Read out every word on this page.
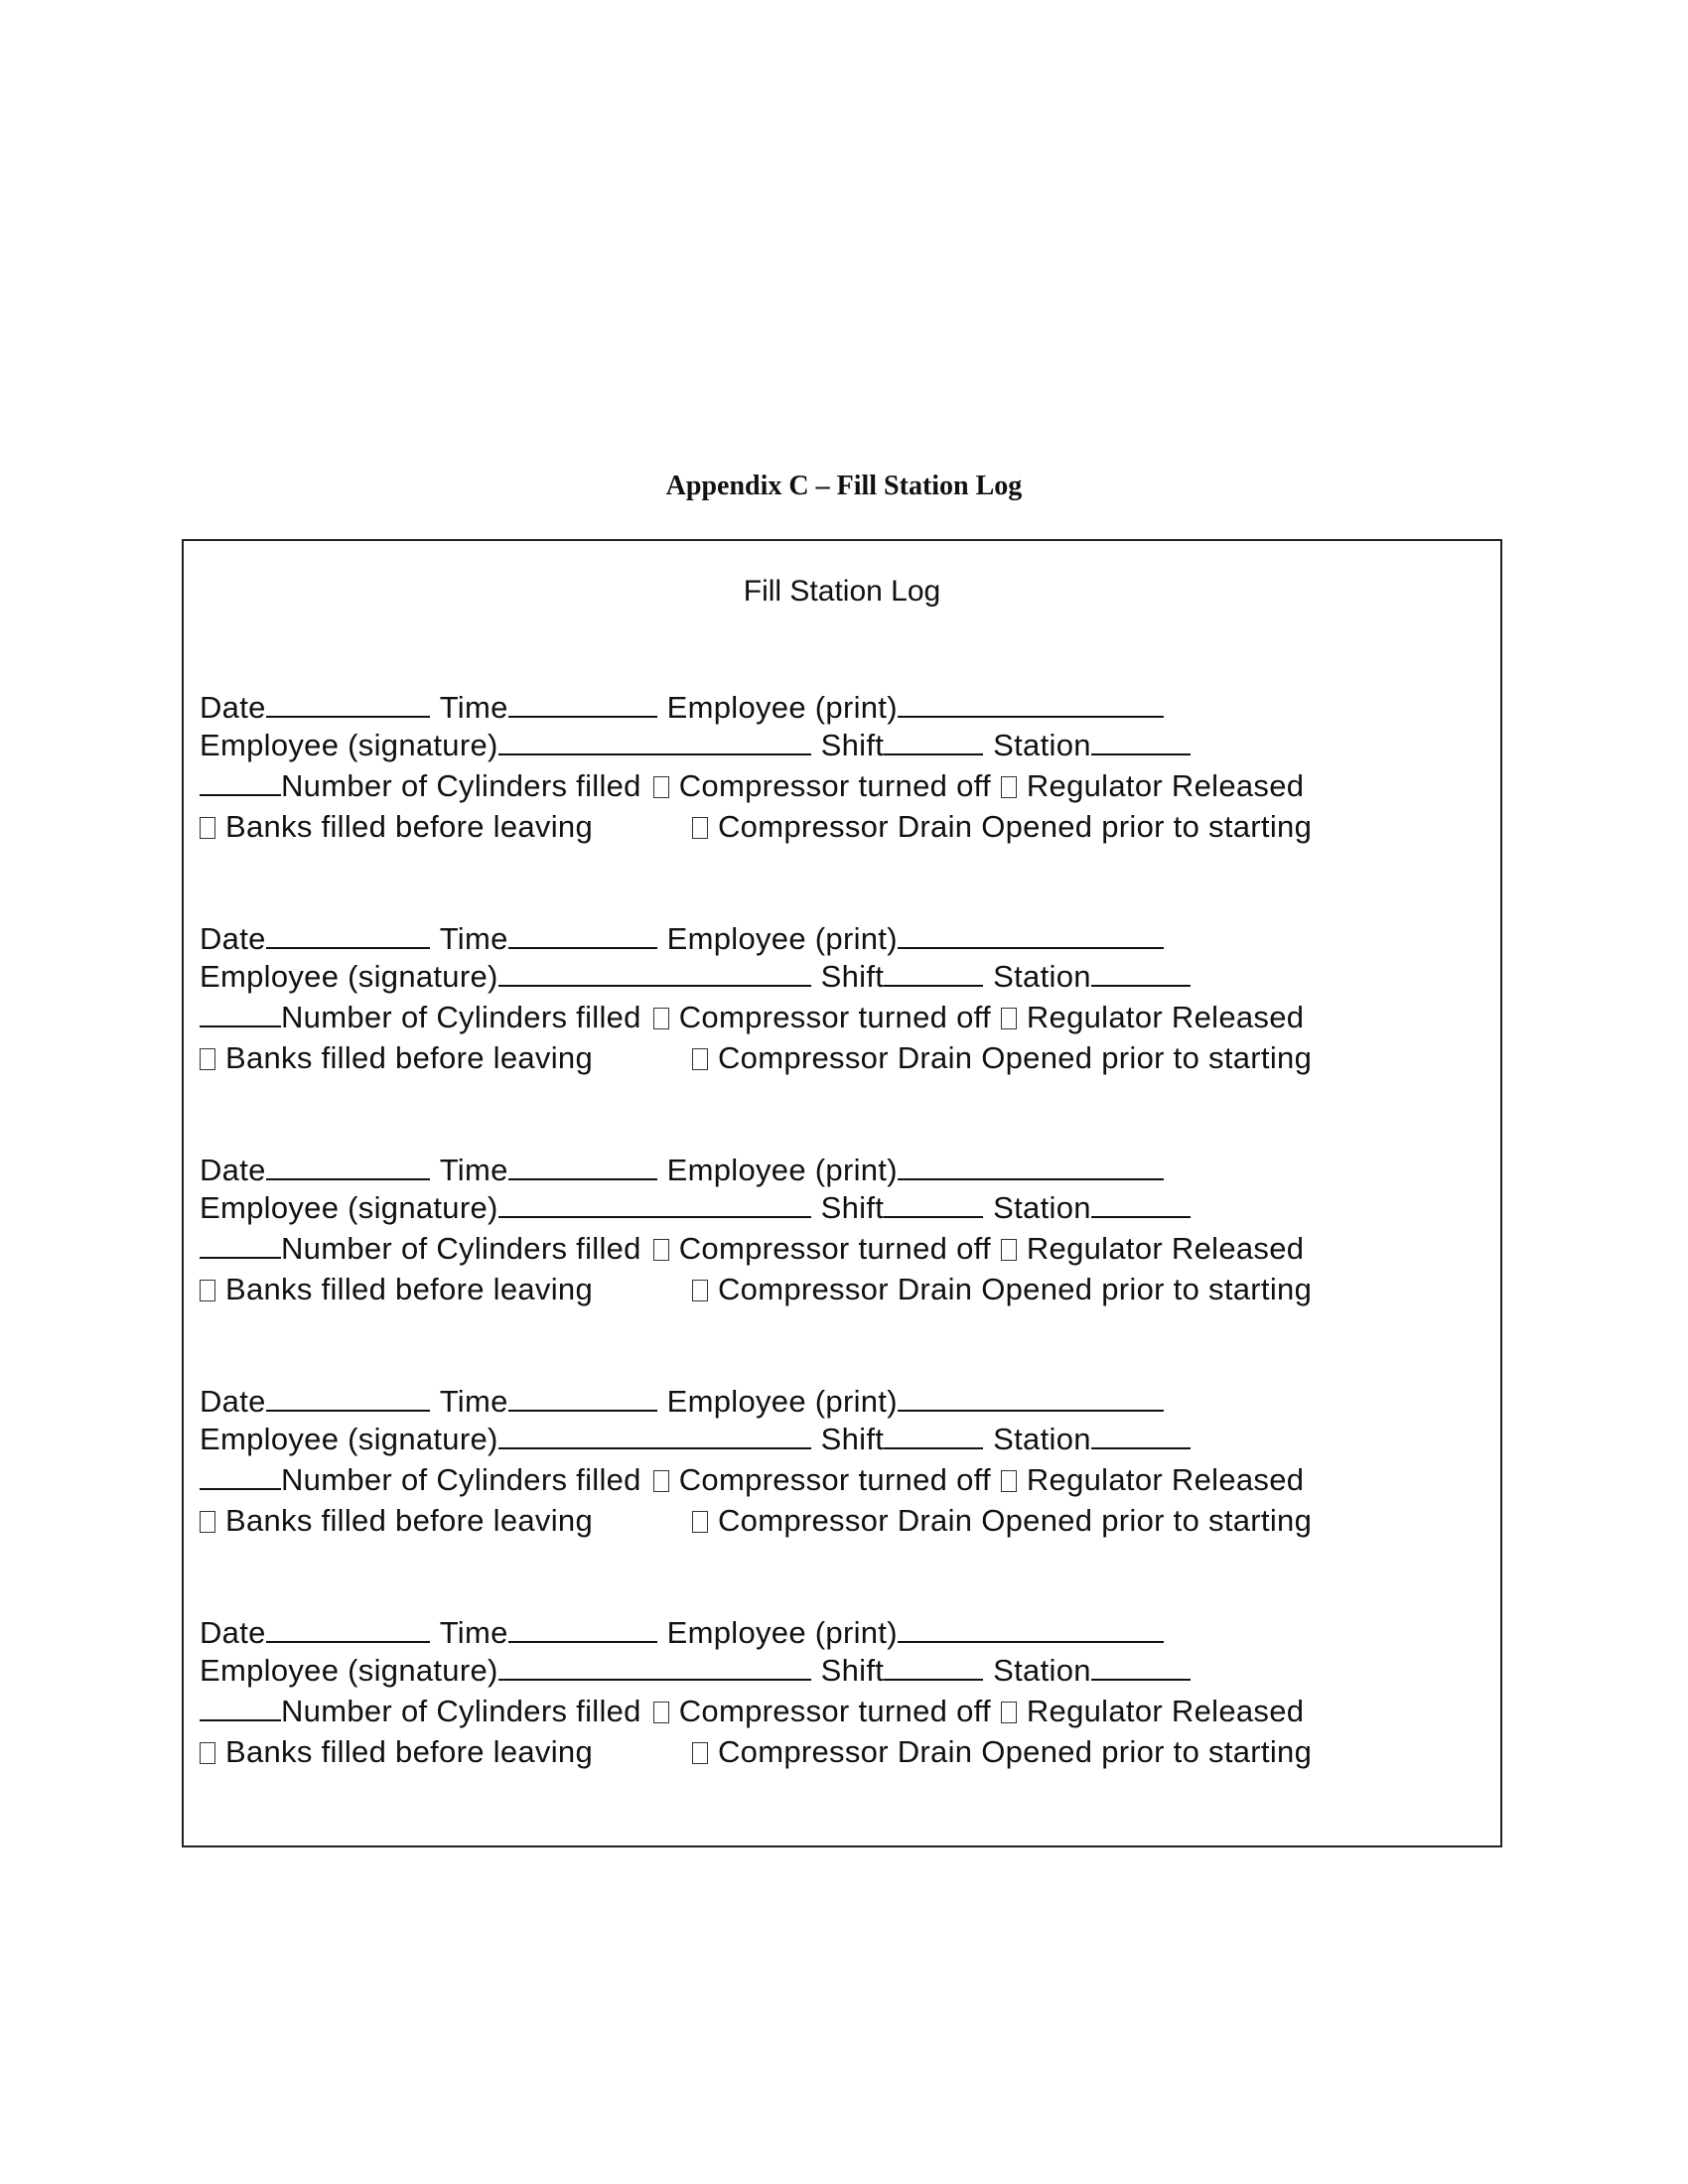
Appendix C – Fill Station Log
Fill Station Log
Date	Time	Employee (print)
Employee (signature)	Shift	Station
Number of Cylinders filled Compressor turned off Regulator Released
Banks filled before leaving	Compressor Drain Opened prior to starting
Date	Time	Employee (print)
Employee (signature)	Shift	Station
Number of Cylinders filled Compressor turned off Regulator Released
Banks filled before leaving	Compressor Drain Opened prior to starting
Date	Time	Employee (print)
Employee (signature)	Shift	Station
Number of Cylinders filled Compressor turned off Regulator Released
Banks filled before leaving	Compressor Drain Opened prior to starting
Date	Time	Employee (print)
Employee (signature)	Shift	Station
Number of Cylinders filled Compressor turned off Regulator Released
Banks filled before leaving	Compressor Drain Opened prior to starting
Date	Time	Employee (print)
Employee (signature)	Shift	Station
Number of Cylinders filled Compressor turned off Regulator Released
Banks filled before leaving	Compressor Drain Opened prior to starting
